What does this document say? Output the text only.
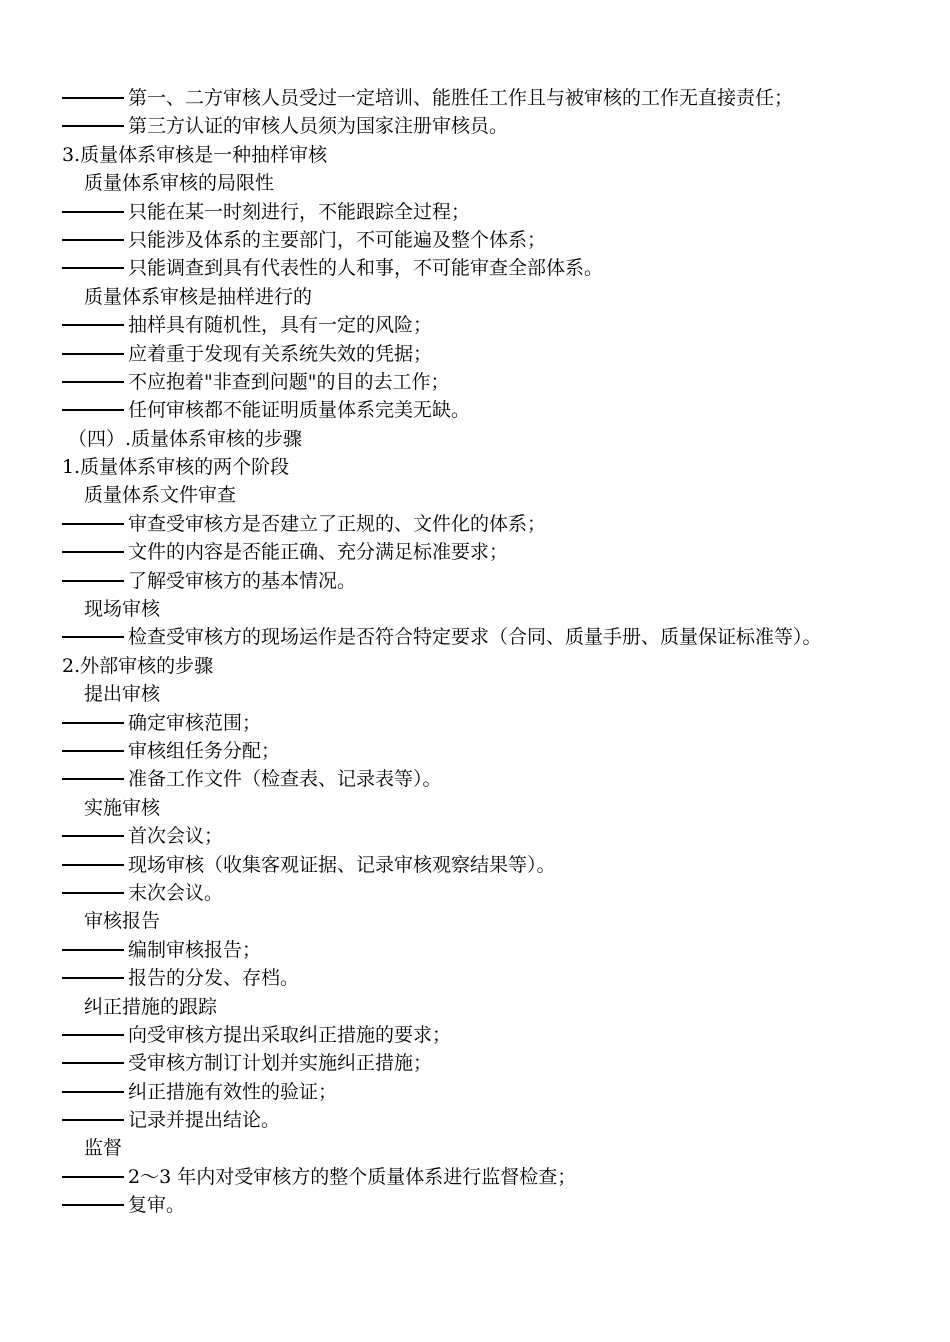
第一、二方审核人员受过一定培训、能胜任工作且与被审核的工作无直接责任；
第三方认证的审核人员须为国家注册审核员。
3.质量体系审核是一种抽样审核
质量体系审核的局限性
只能在某一时刻进行，不能跟踪全过程；
只能涉及体系的主要部门，不可能遍及整个体系；
只能调查到具有代表性的人和事，不可能审查全部体系。
质量体系审核是抽样进行的
抽样具有随机性，具有一定的风险；
应着重于发现有关系统失效的凭据；
不应抱着"非查到问题"的目的去工作；
任何审核都不能证明质量体系完美无缺。
（四）.质量体系审核的步骤
1.质量体系审核的两个阶段
质量体系文件审查
审查受审核方是否建立了正规的、文件化的体系；
文件的内容是否能正确、充分满足标准要求；
了解受审核方的基本情况。
现场审核
检查受审核方的现场运作是否符合特定要求（合同、质量手册、质量保证标准等）。
2.外部审核的步骤
提出审核
确定审核范围；
审核组任务分配；
准备工作文件（检查表、记录表等）。
实施审核
首次会议；
现场审核（收集客观证据、记录审核观察结果等）。
末次会议。
审核报告
编制审核报告；
报告的分发、存档。
纠正措施的跟踪
向受审核方提出采取纠正措施的要求；
受审核方制订计划并实施纠正措施；
纠正措施有效性的验证；
记录并提出结论。
监督
2～3 年内对受审核方的整个质量体系进行监督检查；
复审。
